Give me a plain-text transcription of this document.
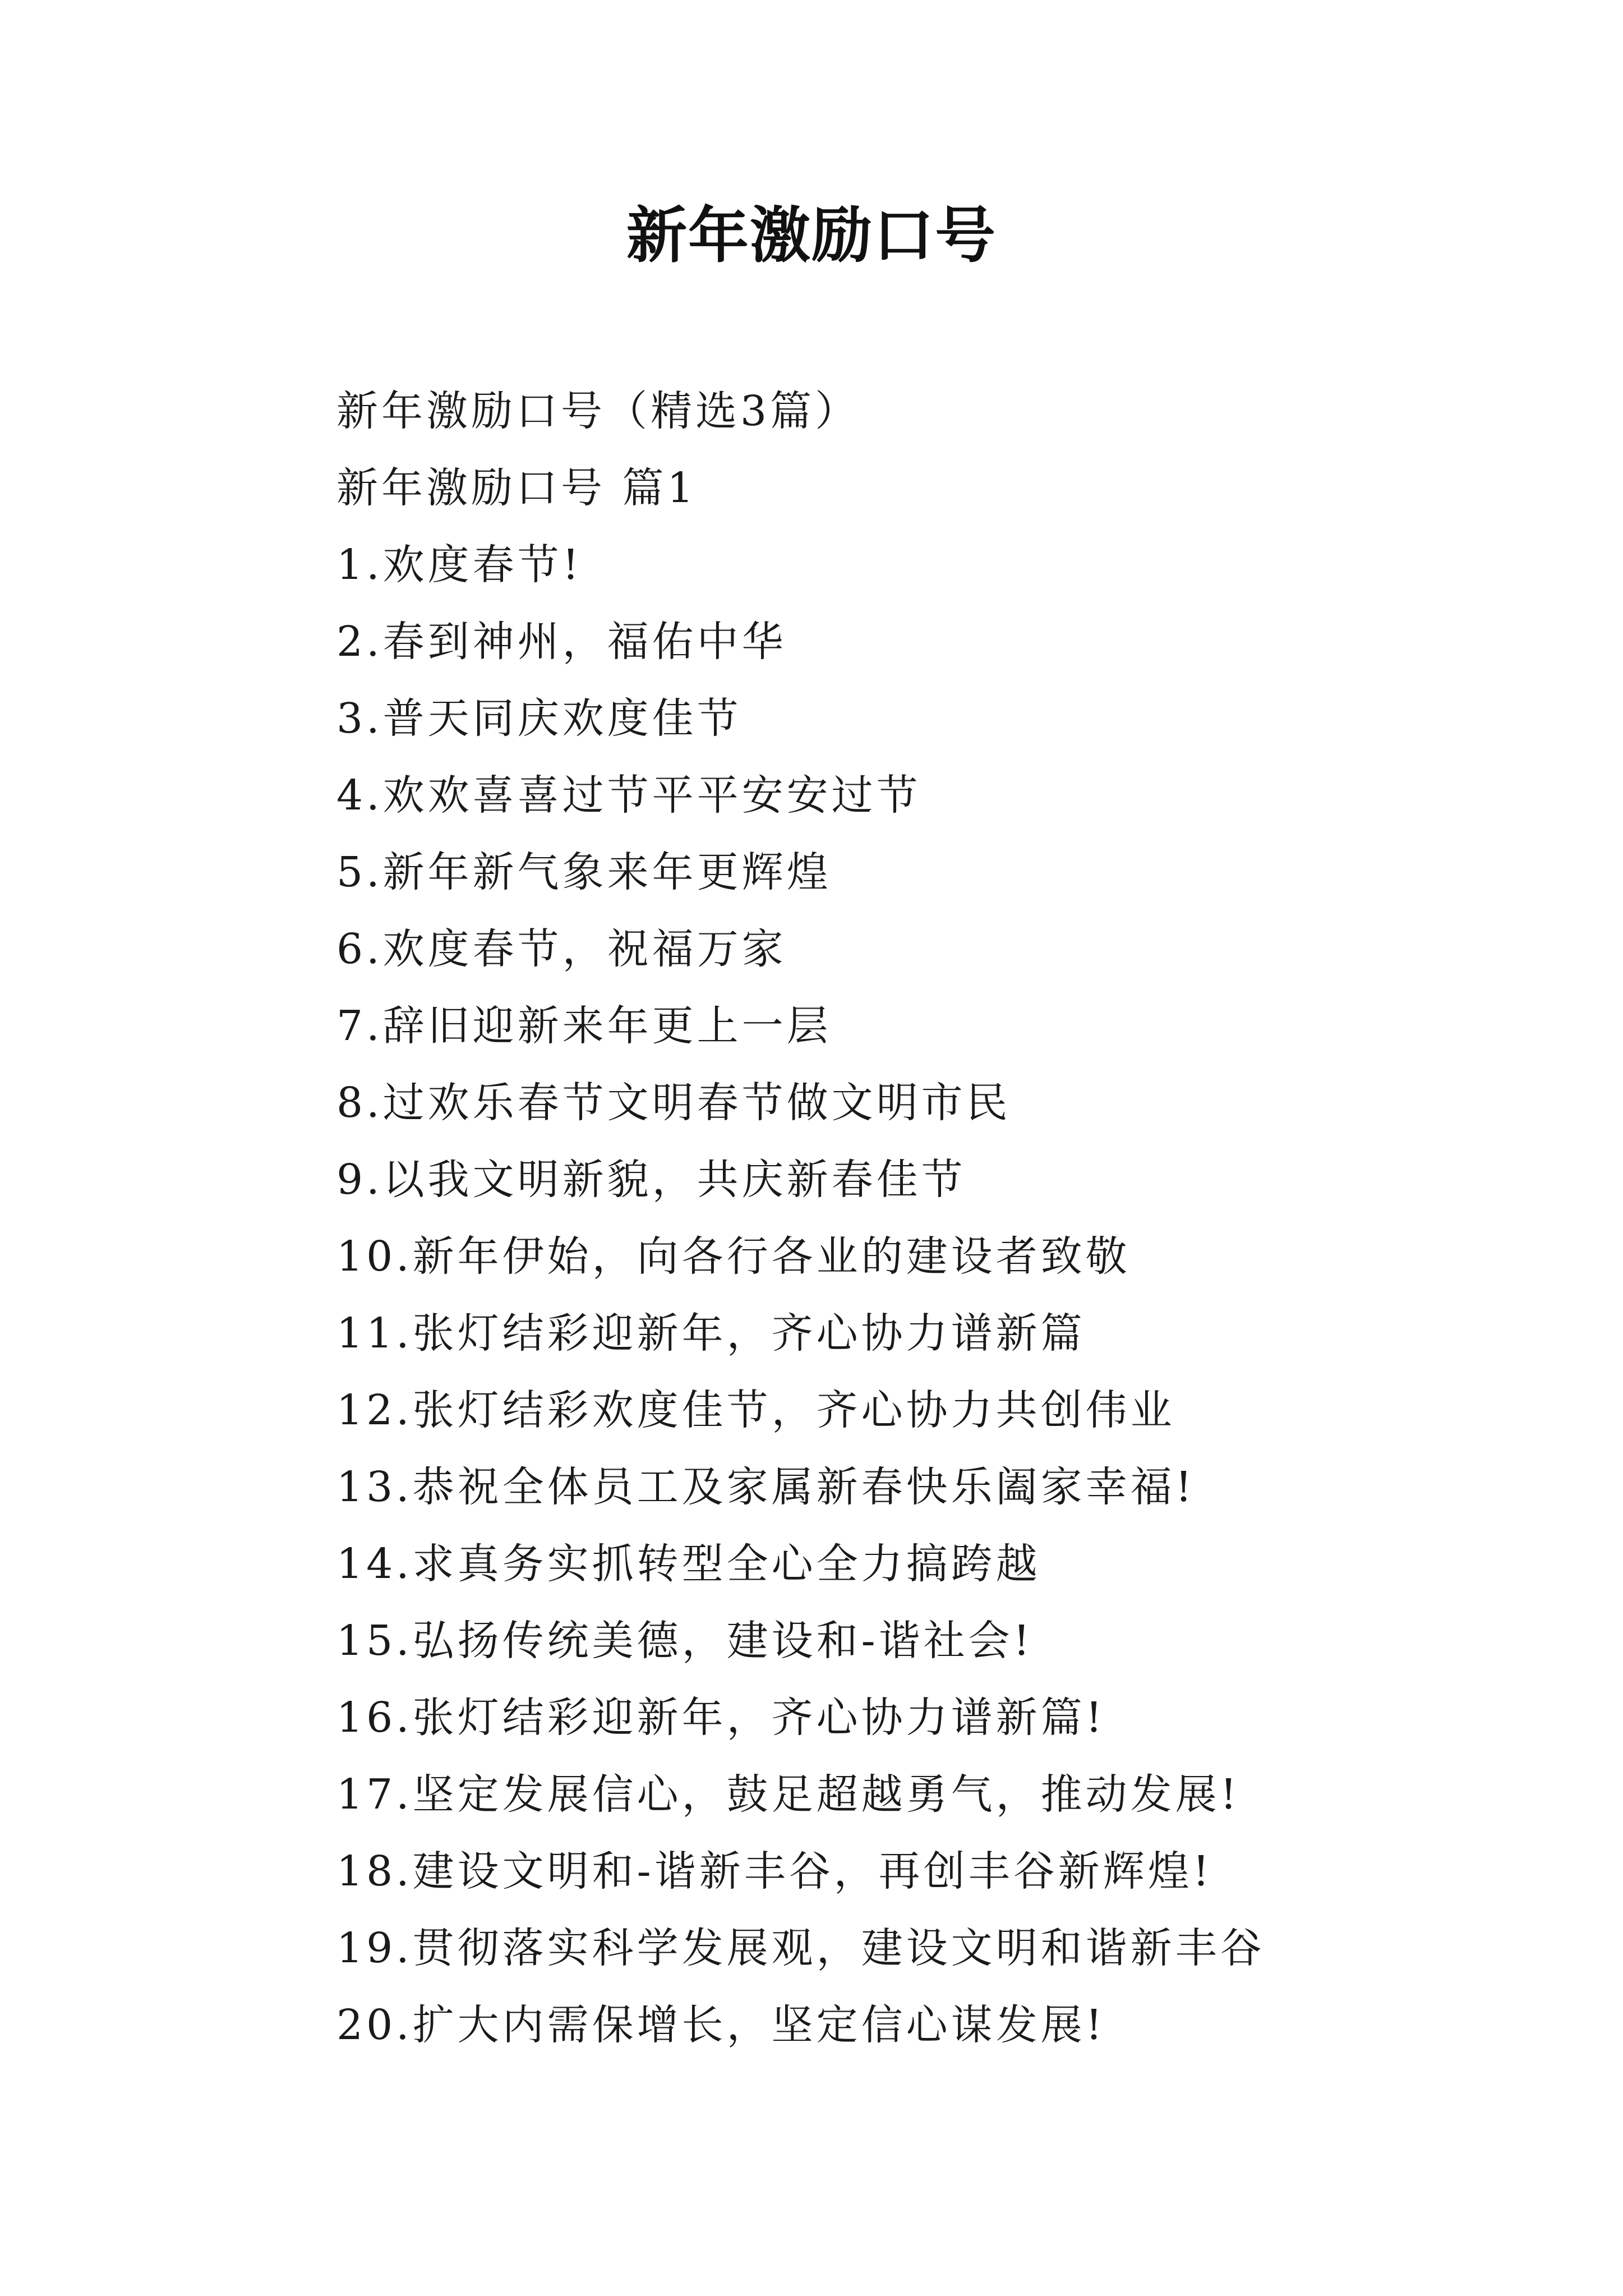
新年激励口号
新年激励口号（精选3篇）
新年激励口号 篇1
1.欢度春节!
2.春到神州，福佑中华
3.普天同庆欢度佳节
4.欢欢喜喜过节平平安安过节
5.新年新气象来年更辉煌
6.欢度春节，祝福万家
7.辞旧迎新来年更上一层
8.过欢乐春节文明春节做文明市民
9.以我文明新貌，共庆新春佳节
10.新年伊始，向各行各业的建设者致敬
11.张灯结彩迎新年，齐心协力谱新篇
12.张灯结彩欢度佳节，齐心协力共创伟业
13.恭祝全体员工及家属新春快乐阖家幸福!
14.求真务实抓转型全心全力搞跨越
15.弘扬传统美德，建设和-谐社会!
16.张灯结彩迎新年，齐心协力谱新篇!
17.坚定发展信心，鼓足超越勇气，推动发展!
18.建设文明和-谐新丰谷，再创丰谷新辉煌!
19.贯彻落实科学发展观，建设文明和谐新丰谷
20.扩大内需保增长，坚定信心谋发展!
